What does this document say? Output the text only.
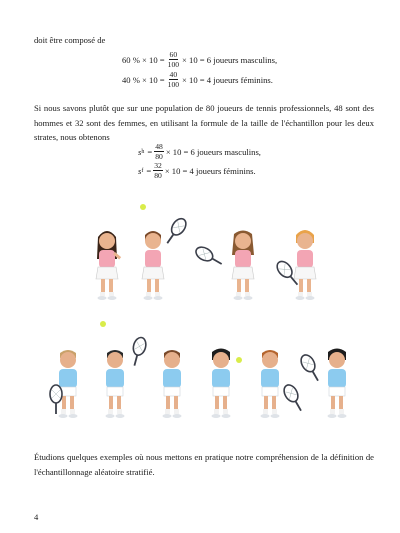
doit être composé de
60 % × $10 = \frac{60}{100} \times 10 = 6$ joueurs masculins,
40 % × $10 = \frac{40}{100} \times 10 = 4$ joueurs féminins.
Si nous savons plutôt que sur une population de 80 joueurs de tennis professionnels, 48 sont des hommes et 32 sont des femmes, en utilisant la formule de la taille de l'échantillon pour les deux strates, nous obtenons
s $h = \frac{48}{80} \times 10 = 6$ joueurs masculins,
s $f = \frac{32}{80} \times 10 = 4$ joueurs féminins.
Étudions quelques exemples où nous mettons en pratique notre compréhension de la définition de l'échantillonnage aléatoire stratifié.
4
